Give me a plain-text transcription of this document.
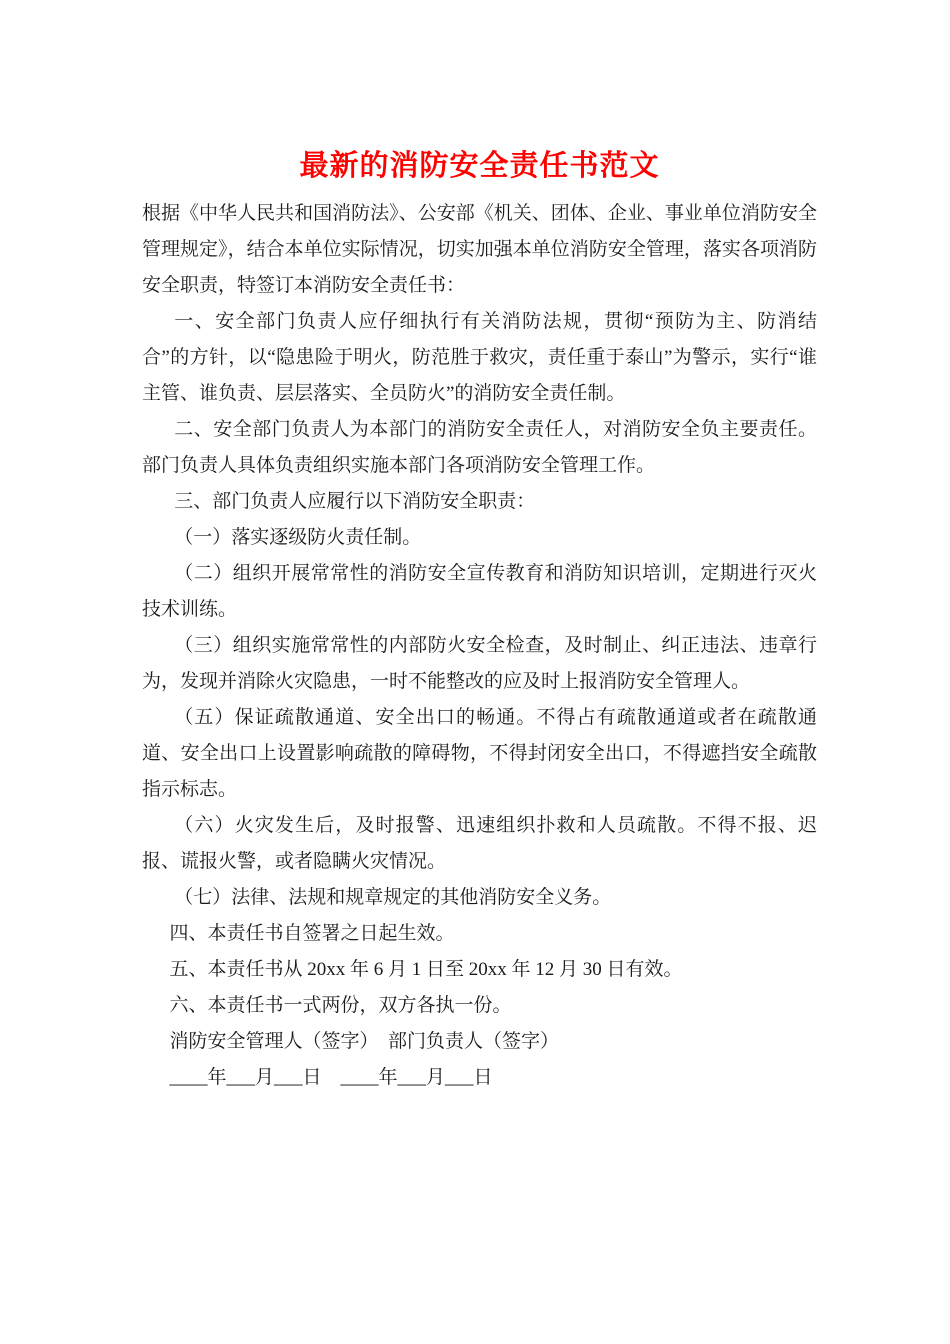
最新的消防安全责任书范文

根据《中华人民共和国消防法》、公安部《机关、团体、企业、事业单位消防安全管理规定》，结合本单位实际情况，切实加强本单位消防安全管理，落实各项消防安全职责，特签订本消防安全责任书：

一、安全部门负责人应仔细执行有关消防法规，贯彻“预防为主、防消结合”的方针，以“隐患险于明火，防范胜于救灾，责任重于泰山”为警示，实行“谁主管、谁负责、层层落实、全员防火”的消防安全责任制。

二、安全部门负责人为本部门的消防安全责任人，对消防安全负主要责任。部门负责人具体负责组织实施本部门各项消防安全管理工作。

三、部门负责人应履行以下消防安全职责：

（一）落实逐级防火责任制。

（二）组织开展常常性的消防安全宣传教育和消防知识培训，定期进行灭火技术训练。

（三）组织实施常常性的内部防火安全检查，及时制止、纠正违法、违章行为，发现并消除火灾隐患，一时不能整改的应及时上报消防安全管理人。

（五）保证疏散通道、安全出口的畅通。不得占有疏散通道或者在疏散通道、安全出口上设置影响疏散的障碍物，不得封闭安全出口，不得遮挡安全疏散指示标志。

（六）火灾发生后，及时报警、迅速组织扑救和人员疏散。不得不报、迟报、谎报火警，或者隐瞒火灾情况。

（七）法律、法规和规章规定的其他消防安全义务。

四、本责任书自签署之日起生效。

五、本责任书从 20xx 年 6 月 1 日至 20xx 年 12 月 30 日有效。

六、本责任书一式两份，双方各执一份。

消防安全管理人（签字）　部门负责人（签字）

____年___月___日　____年___月___日
